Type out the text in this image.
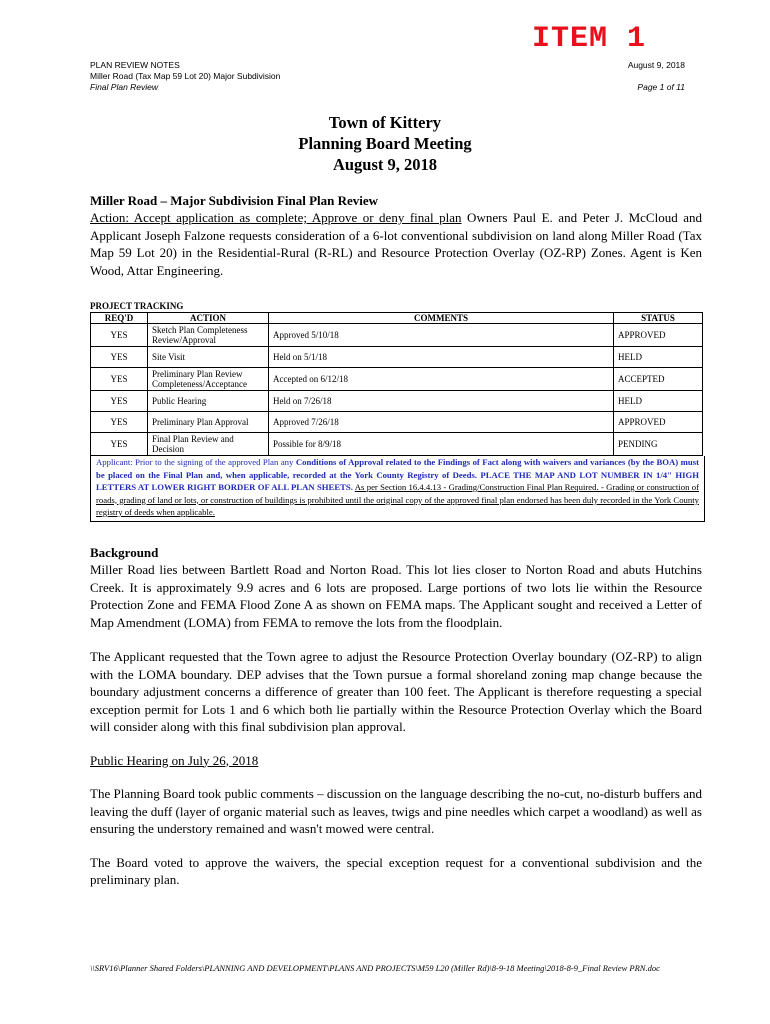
ITEM 1
PLAN REVIEW NOTES
Miller Road (Tax Map 59 Lot 20) Major Subdivision
Final Plan Review
August 9, 2018
Page 1 of 11
Town of Kittery
Planning Board Meeting
August 9, 2018
Miller Road – Major Subdivision Final Plan Review

Action: Accept application as complete; Approve or deny final plan Owners Paul E. and Peter J. McCloud and Applicant Joseph Falzone requests consideration of a 6-lot conventional subdivision on land along Miller Road (Tax Map 59 Lot 20) in the Residential-Rural (R-RL) and Resource Protection Overlay (OZ-RP) Zones. Agent is Ken Wood, Attar Engineering.

PROJECT TRACKING
REQ'D	ACTION	COMMENTS	STATUS
YES	Sketch Plan Completeness Review/Approval	Approved 5/10/18	APPROVED
YES	Site Visit	Held on 5/1/18	HELD
YES	Preliminary Plan Review Completeness/Acceptance	Accepted on 6/12/18	ACCEPTED
YES	Public Hearing	Held on 7/26/18	HELD
YES	Preliminary Plan Approval	Approved 7/26/18	APPROVED
YES	Final Plan Review and Decision	Possible for 8/9/18	PENDING
Applicant: Prior to the signing of the approved Plan any Conditions of Approval related to the Findings of Fact along with waivers and variances (by the BOA) must be placed on the Final Plan and, when applicable, recorded at the York County Registry of Deeds. PLACE THE MAP AND LOT NUMBER IN 1/4" HIGH LETTERS AT LOWER RIGHT BORDER OF ALL PLAN SHEETS. As per Section 16.4.4.13 - Grading/Construction Final Plan Required. - Grading or construction of roads, grading of land or lots, or construction of buildings is prohibited until the original copy of the approved final plan endorsed has been duly recorded in the York County registry of deeds when applicable.
Background

Miller Road lies between Bartlett Road and Norton Road. This lot lies closer to Norton Road and abuts Hutchins Creek. It is approximately 9.9 acres and 6 lots are proposed. Large portions of two lots lie within the Resource Protection Zone and FEMA Flood Zone A as shown on FEMA maps. The Applicant sought and received a Letter of Map Amendment (LOMA) from FEMA to remove the lots from the floodplain.

The Applicant requested that the Town agree to adjust the Resource Protection Overlay boundary (OZ-RP) to align with the LOMA boundary. DEP advises that the Town pursue a formal shoreland zoning map change because the boundary adjustment concerns a difference of greater than 100 feet. The Applicant is therefore requesting a special exception permit for Lots 1 and 6 which both lie partially within the Resource Protection Overlay which the Board will consider along with this final subdivision plan approval.

Public Hearing on July 26, 2018

The Planning Board took public comments – discussion on the language describing the no-cut, no-disturb buffers and leaving the duff (layer of organic material such as leaves, twigs and pine needles which carpet a woodland) as well as ensuring the understory remained and wasn't mowed were central.

The Board voted to approve the waivers, the special exception request for a conventional subdivision and the preliminary plan.

\\SRV16\Planner Shared Folders\PLANNING AND DEVELOPMENT\PLANS AND PROJECTS\M59 L20 (Miller Rd)\8-9-18 Meeting\2018-8-9_Final Review PRN.doc
